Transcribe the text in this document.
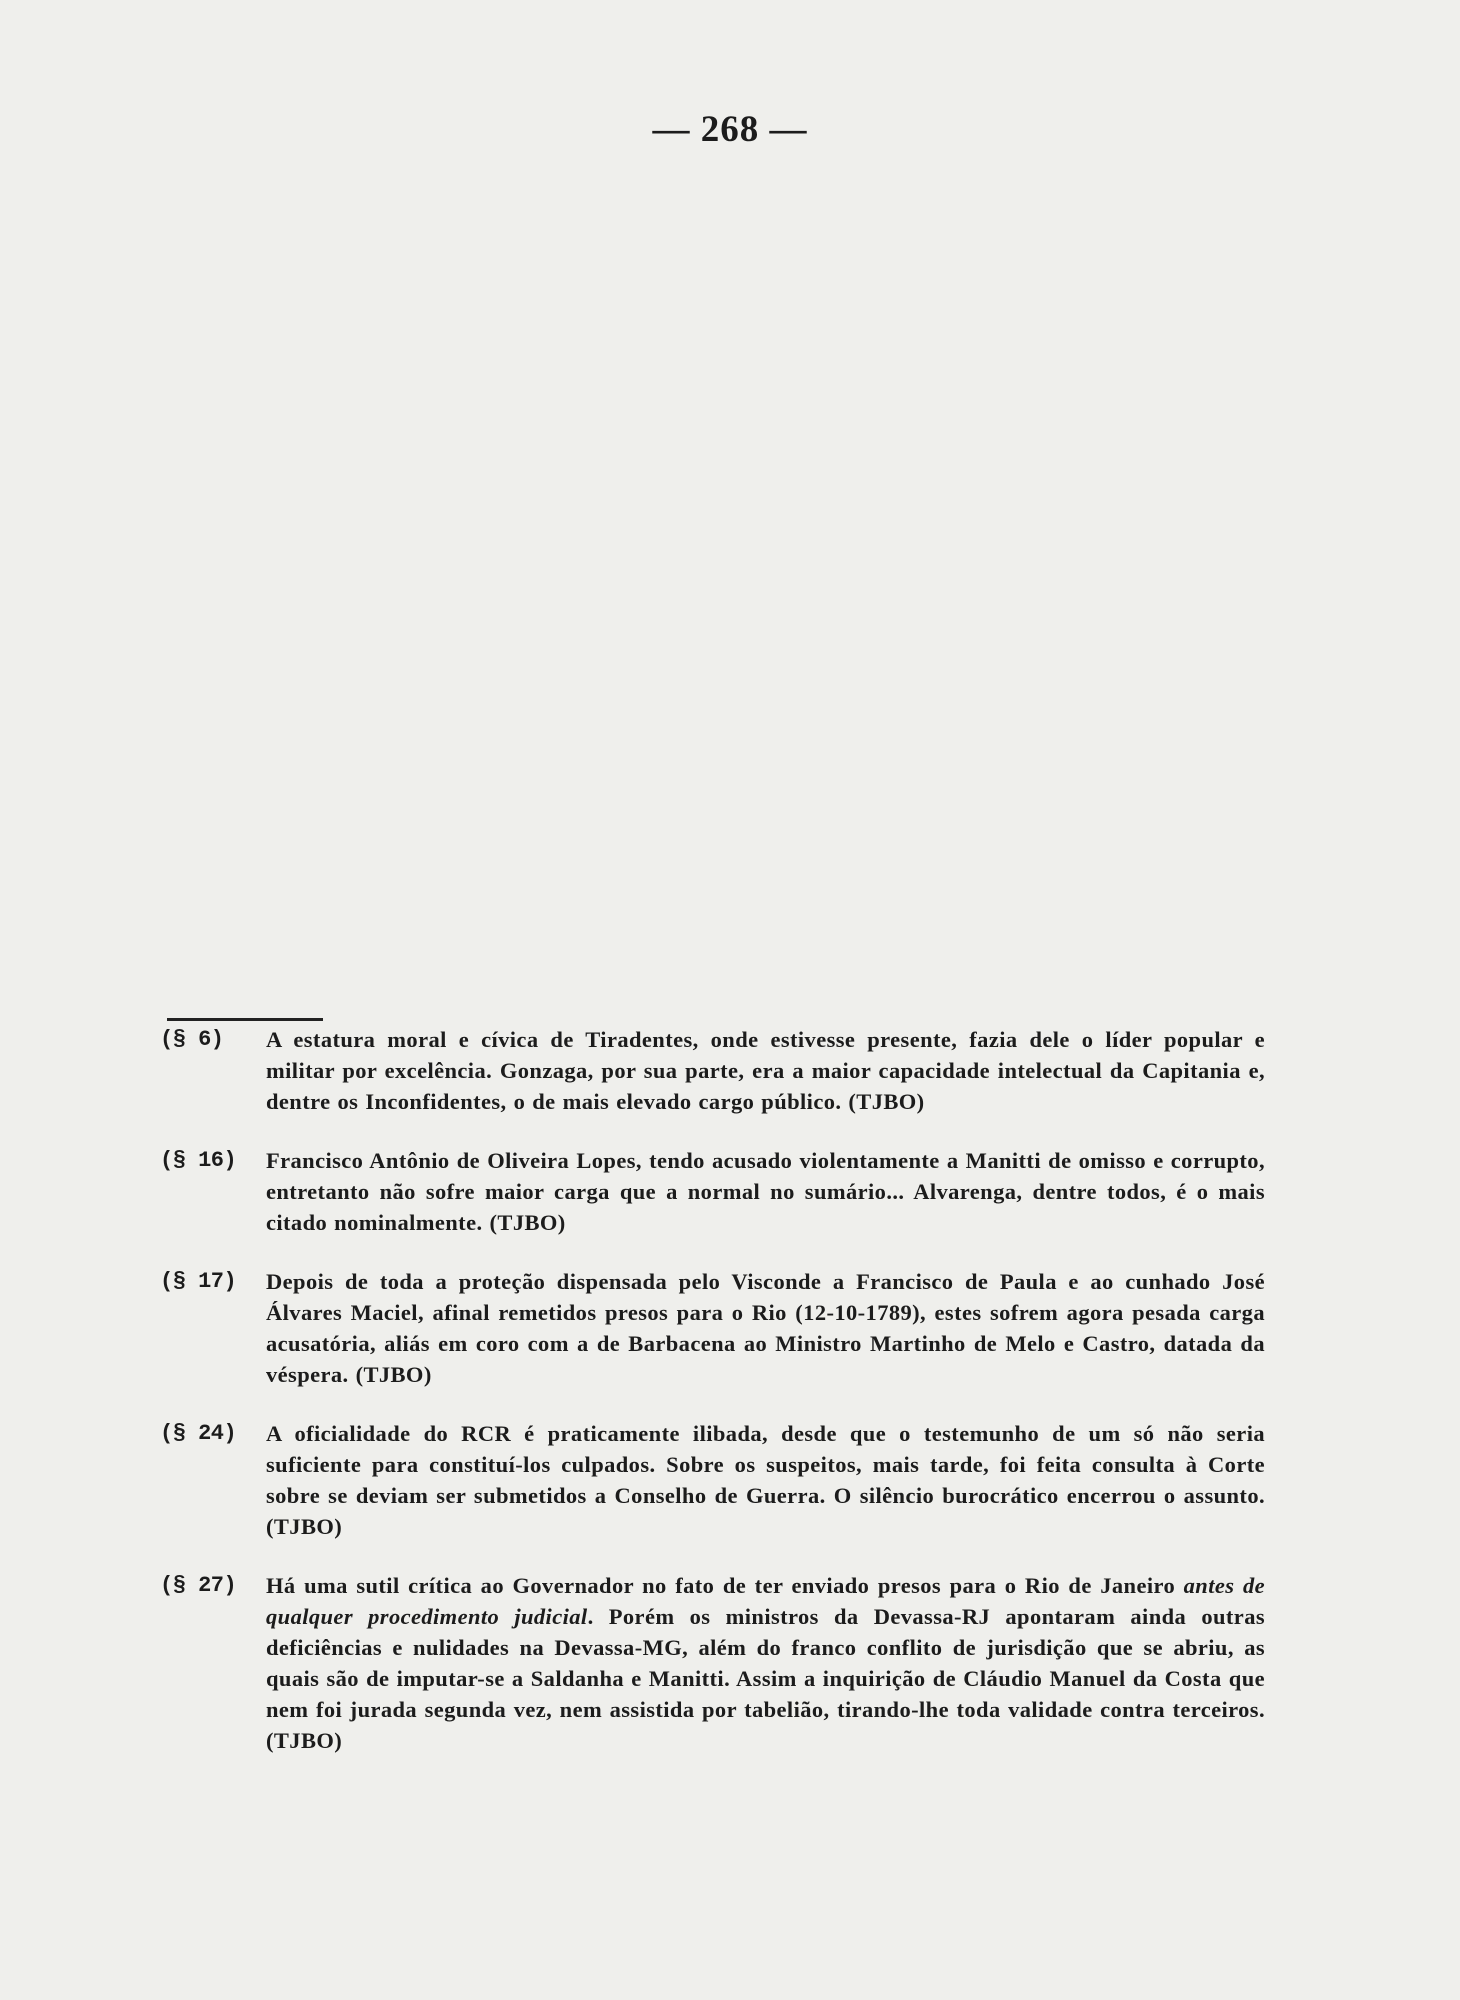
— 268 —
(§ 6)	A estatura moral e cívica de Tiradentes, onde estivesse presente, fazia dele o líder popular e militar por excelência. Gonzaga, por sua parte, era a maior capacidade intelectual da Capitania e, dentre os Inconfidentes, o de mais elevado cargo público. (TJBO)
(§ 16)	Francisco Antônio de Oliveira Lopes, tendo acusado violentamente a Manitti de omisso e corrupto, entretanto não sofre maior carga que a normal no sumário... Alvarenga, dentre todos, é o mais citado nominalmente. (TJBO)
(§ 17)	Depois de toda a proteção dispensada pelo Visconde a Francisco de Paula e ao cunhado José Álvares Maciel, afinal remetidos presos para o Rio (12-10-1789), estes sofrem agora pesada carga acusatória, aliás em coro com a de Barbacena ao Ministro Martinho de Melo e Castro, datada da véspera. (TJBO)
(§ 24)	A oficialidade do RCR é praticamente ilibada, desde que o testemunho de um só não seria suficiente para constituí-los culpados. Sobre os suspeitos, mais tarde, foi feita consulta à Corte sobre se deviam ser submetidos a Conselho de Guerra. O silêncio burocrático encerrou o assunto. (TJBO)
(§ 27)	Há uma sutil crítica ao Governador no fato de ter enviado presos para o Rio de Janeiro antes de qualquer procedimento judicial. Porém os ministros da Devassa-RJ apontaram ainda outras deficiências e nulidades na Devassa-MG, além do franco conflito de jurisdição que se abriu, as quais são de imputar-se a Saldanha e Manitti. Assim a inquirição de Cláudio Manuel da Costa que nem foi jurada segunda vez, nem assistida por tabelião, tirando-lhe toda validade contra terceiros. (TJBO)
